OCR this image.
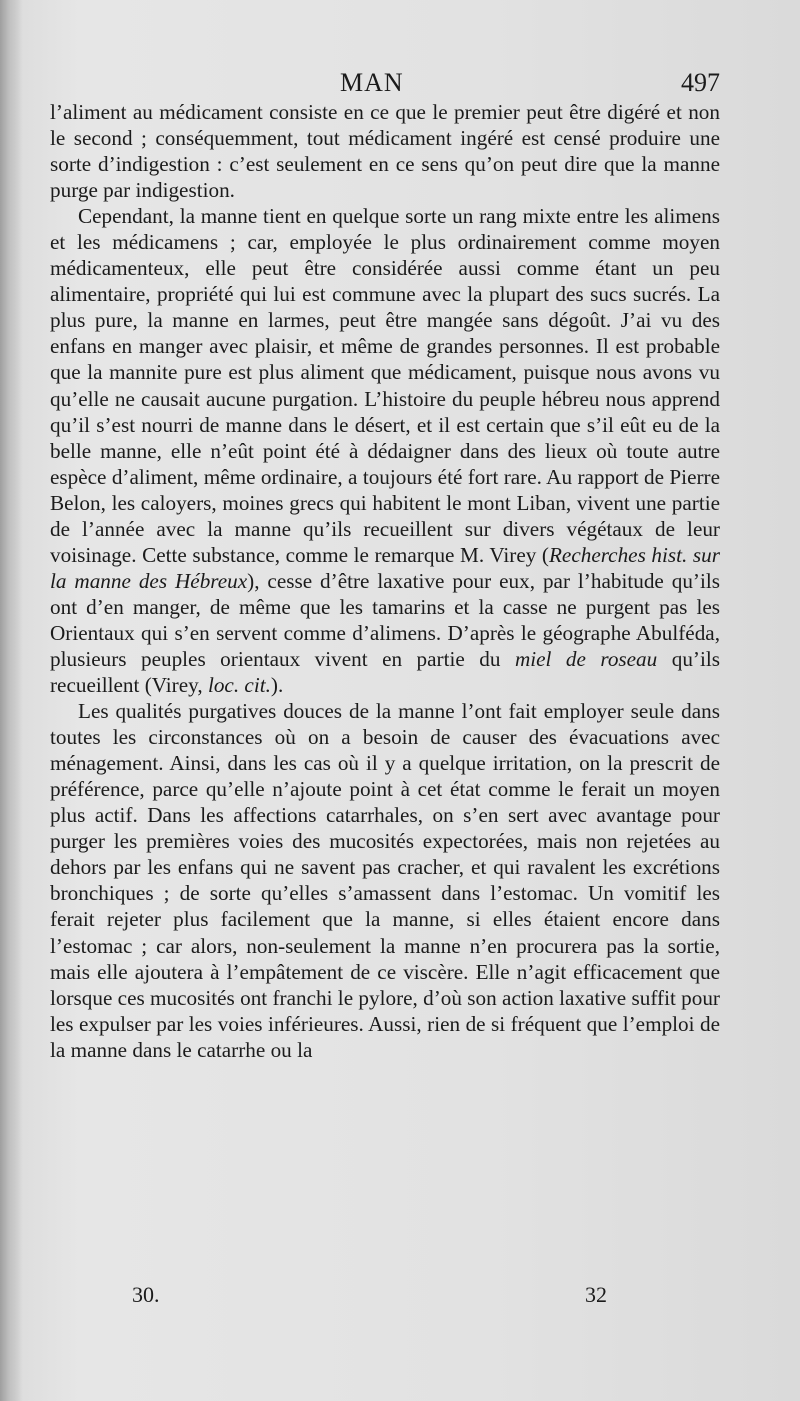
MAN	497

l’aliment au médicament consiste en ce que le premier peut être digéré et non le second ; conséquemment, tout médicament ingéré est censé produire une sorte d’indigestion : c’est seulement en ce sens qu’on peut dire que la manne purge par indigestion.

Cependant, la manne tient en quelque sorte un rang mixte entre les alimens et les médicamens ; car, employée le plus ordinairement comme moyen médicamenteux, elle peut être considérée aussi comme étant un peu alimentaire, propriété qui lui est commune avec la plupart des sucs sucrés. La plus pure, la manne en larmes, peut être mangée sans dégoût. J’ai vu des enfans en manger avec plaisir, et même de grandes personnes. Il est probable que la mannite pure est plus aliment que médicament, puisque nous avons vu qu’elle ne causait aucune purgation. L’histoire du peuple hébreu nous apprend qu’il s’est nourri de manne dans le désert, et il est certain que s’il eût eu de la belle manne, elle n’eût point été à dédaigner dans des lieux où toute autre espèce d’aliment, même ordinaire, a toujours été fort rare. Au rapport de Pierre Belon, les caloyers, moines grecs qui habitent le mont Liban, vivent une partie de l’année avec la manne qu’ils recueillent sur divers végétaux de leur voisinage. Cette substance, comme le remarque M. Virey (Recherches hist. sur la manne des Hébreux), cesse d’être laxative pour eux, par l’habitude qu’ils ont d’en manger, de même que les tamarins et la casse ne purgent pas les Orientaux qui s’en servent comme d’alimens. D’après le géographe Abulféda, plusieurs peuples orientaux vivent en partie du miel de roseau qu’ils recueillent (Virey, loc. cit.).

Les qualités purgatives douces de la manne l’ont fait employer seule dans toutes les circonstances où on a besoin de causer des évacuations avec ménagement. Ainsi, dans les cas où il y a quelque irritation, on la prescrit de préférence, parce qu’elle n’ajoute point à cet état comme le ferait un moyen plus actif. Dans les affections catarrhales, on s’en sert avec avantage pour purger les premières voies des mucosités expectorées, mais non rejetées au dehors par les enfans qui ne savent pas cracher, et qui ravalent les excrétions bronchiques ; de sorte qu’elles s’amassent dans l’estomac. Un vomitif les ferait rejeter plus facilement que la manne, si elles étaient encore dans l’estomac ; car alors, non-seulement la manne n’en procurera pas la sortie, mais elle ajoutera à l’empâtement de ce viscère. Elle n’agit efficacement que lorsque ces mucosités ont franchi le pylore, d’où son action laxative suffit pour les expulser par les voies inférieures. Aussi, rien de si fréquent que l’emploi de la manne dans le catarrhe ou la

30.	32
